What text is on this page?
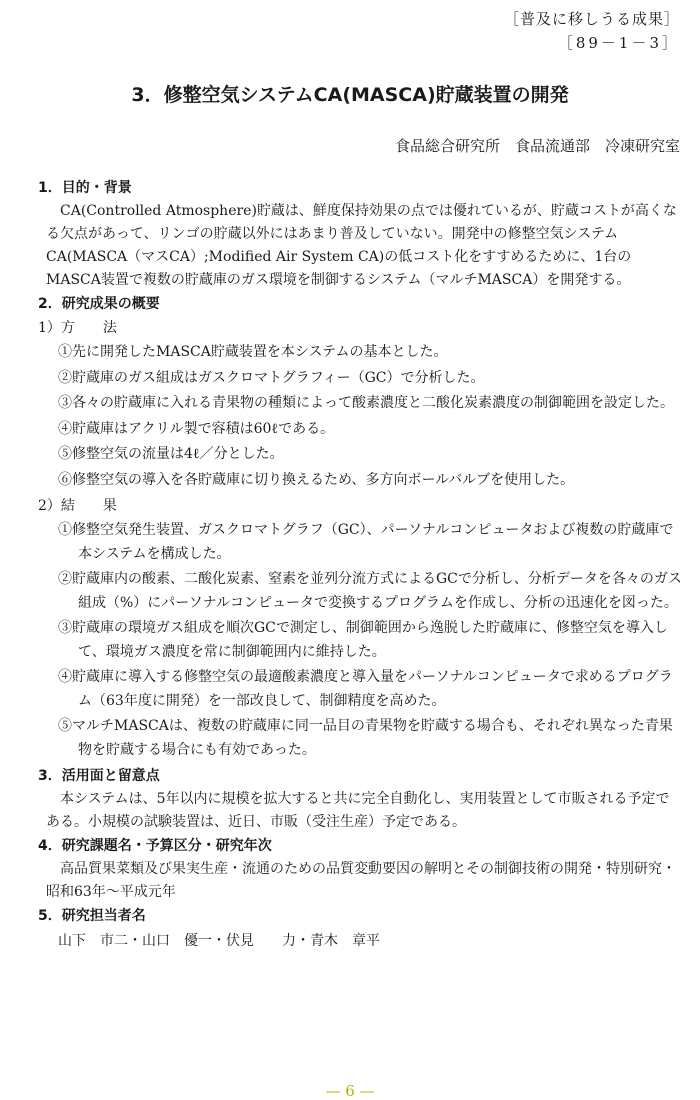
［普及に移しうる成果］
［89－1－3］
3．修整空気システムCA(MASCA)貯蔵装置の開発
食品総合研究所　食品流通部　冷凍研究室
1．目的・背景

CA(Controlled Atmosphere)貯蔵は、鮮度保持効果の点では優れているが、貯蔵コストが高くなる欠点があって、リンゴの貯蔵以外にはあまり普及していない。開発中の修整空気システムCA(MASCA（マスCA）;Modified Air System CA)の低コスト化をすすめるために、1台のMASCA装置で複数の貯蔵庫のガス環境を制御するシステム（マルチMASCA）を開発する。

2．研究成果の概要

1）方　　法

①先に開発したMASCA貯蔵装置を本システムの基本とした。

②貯蔵庫のガス組成はガスクロマトグラフィー（GC）で分析した。

③各々の貯蔵庫に入れる青果物の種類によって酸素濃度と二酸化炭素濃度の制御範囲を設定した。

④貯蔵庫はアクリル製で容積は60ℓである。

⑤修整空気の流量は4ℓ／分とした。

⑥修整空気の導入を各貯蔵庫に切り換えるため、多方向ボールバルブを使用した。

2）結　　果

①修整空気発生装置、ガスクロマトグラフ（GC）、パーソナルコンピュータおよび複数の貯蔵庫で本システムを構成した。

②貯蔵庫内の酸素、二酸化炭素、窒素を並列分流方式によるGCで分析し、分析データを各々のガス組成（%）にパーソナルコンピュータで変換するプログラムを作成し、分析の迅速化を図った。

③貯蔵庫の環境ガス組成を順次GCで測定し、制御範囲から逸脱した貯蔵庫に、修整空気を導入して、環境ガス濃度を常に制御範囲内に維持した。

④貯蔵庫に導入する修整空気の最適酸素濃度と導入量をパーソナルコンピュータで求めるプログラム（63年度に開発）を一部改良して、制御精度を高めた。

⑤マルチMASCAは、複数の貯蔵庫に同一品目の青果物を貯蔵する場合も、それぞれ異なった青果物を貯蔵する場合にも有効であった。

3．活用面と留意点

本システムは、5年以内に規模を拡大すると共に完全自動化し、実用装置として市販される予定である。小規模の試験装置は、近日、市販（受注生産）予定である。

4．研究課題名・予算区分・研究年次

高品質果菜類及び果実生産・流通のための品質変動要因の解明とその制御技術の開発・特別研究・昭和63年～平成元年

5．研究担当者名

山下　市二・山口　優一・伏見　　力・青木　章平

— 6 —
